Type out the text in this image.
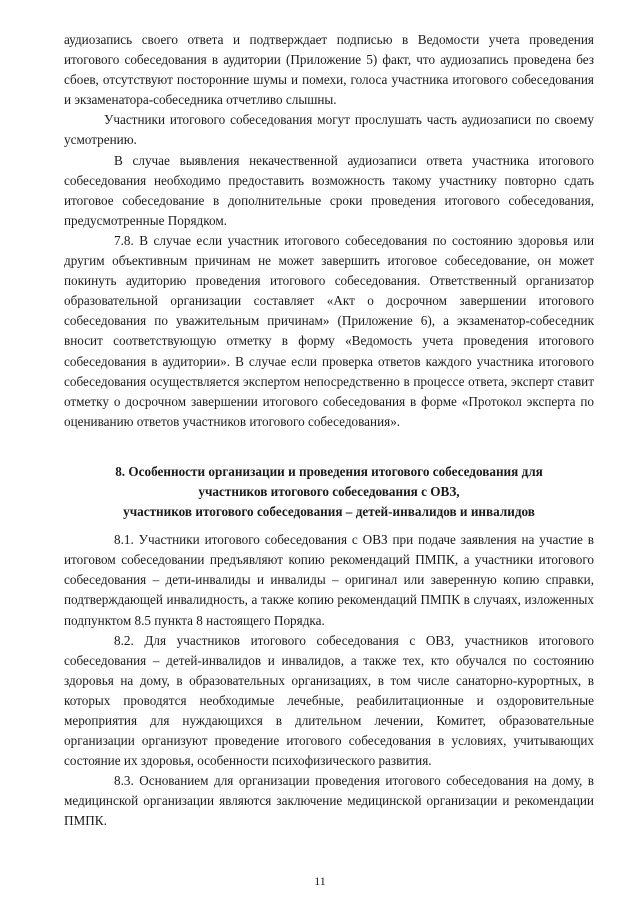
аудиозапись своего ответа и подтверждает подписью в Ведомости учета проведения итогового собеседования в аудитории (Приложение 5) факт, что аудиозапись проведена без сбоев, отсутствуют посторонние шумы и помехи, голоса участника итогового собеседования и экзаменатора-собеседника отчетливо слышны.

Участники итогового собеседования могут прослушать часть аудиозаписи по своему усмотрению.

В случае выявления некачественной аудиозаписи ответа участника итогового собеседования необходимо предоставить возможность такому участнику повторно сдать итоговое собеседование в дополнительные сроки проведения итогового собеседования, предусмотренные Порядком.

7.8. В случае если участник итогового собеседования по состоянию здоровья или другим объективным причинам не может завершить итоговое собеседование, он может покинуть аудиторию проведения итогового собеседования. Ответственный организатор образовательной организации составляет «Акт о досрочном завершении итогового собеседования по уважительным причинам» (Приложение 6), а экзаменатор-собеседник вносит соответствующую отметку в форму «Ведомость учета проведения итогового собеседования в аудитории». В случае если проверка ответов каждого участника итогового собеседования осуществляется экспертом непосредственно в процессе ответа, эксперт ставит отметку о досрочном завершении итогового собеседования в форме «Протокол эксперта по оцениванию ответов участников итогового собеседования».

8. Особенности организации и проведения итогового собеседования для
участников итогового собеседования с ОВЗ,
участников итогового собеседования – детей-инвалидов и инвалидов

8.1. Участники итогового собеседования с ОВЗ при подаче заявления на участие в итоговом собеседовании предъявляют копию рекомендаций ПМПК, а участники итогового собеседования – дети-инвалиды и инвалиды – оригинал или заверенную копию справки, подтверждающей инвалидность, а также копию рекомендаций ПМПК в случаях, изложенных подпунктом 8.5 пункта 8 настоящего Порядка.

8.2. Для участников итогового собеседования с ОВЗ, участников итогового собеседования – детей-инвалидов и инвалидов, а также тех, кто обучался по состоянию здоровья на дому, в образовательных организациях, в том числе санаторно-курортных, в которых проводятся необходимые лечебные, реабилитационные и оздоровительные мероприятия для нуждающихся в длительном лечении, Комитет, образовательные организации организуют проведение итогового собеседования в условиях, учитывающих состояние их здоровья, особенности психофизического развития.

8.3. Основанием для организации проведения итогового собеседования на дому, в медицинской организации являются заключение медицинской организации и рекомендации ПМПК.

11
